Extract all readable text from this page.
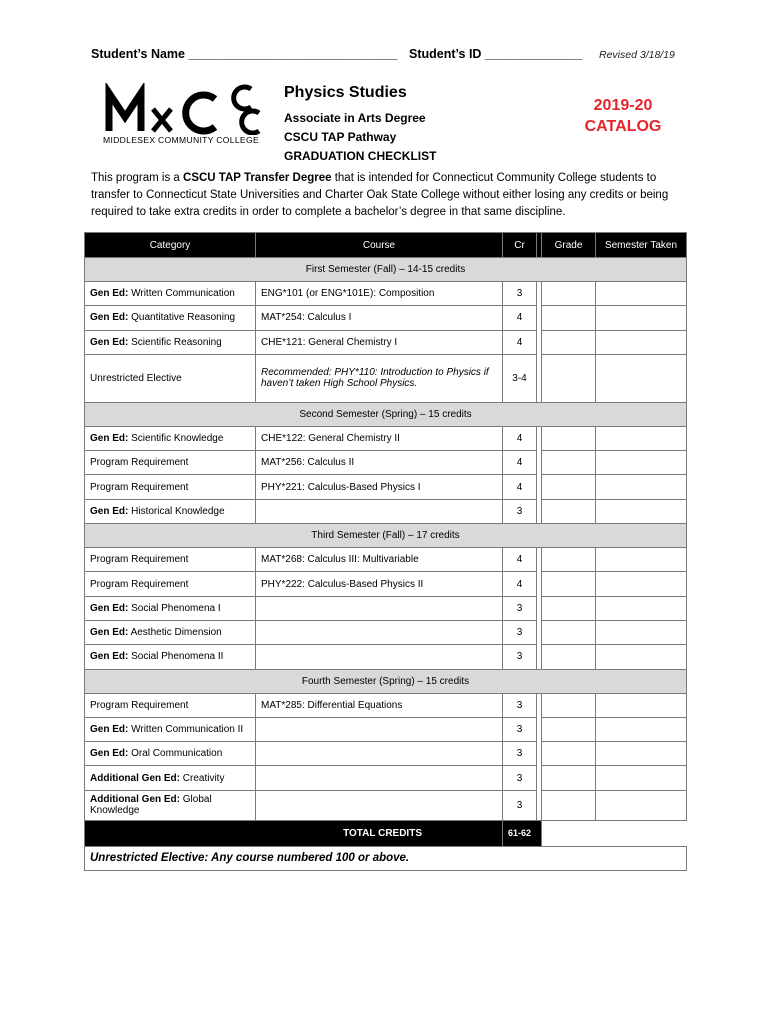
Student’s Name ______________________________ Student’s ID ______________ Revised 3/18/19
MIDDLESEX COMMUNITY COLLEGE
Physics Studies
Associate in Arts Degree
CSCU TAP Pathway
GRADUATION CHECKLIST
2019-20
CATALOG

This program is a CSCU TAP Transfer Degree that is intended for Connecticut Community College students to transfer to Connecticut State Universities and Charter Oak State College without either losing any credits or being required to take extra credits in order to complete a bachelor’s degree in that same discipline.

Category	Course	Cr		Grade	Semester Taken
First Semester (Fall) – 14-15 credits					
Gen Ed: Written Communication	ENG*101 (or ENG*101E): Composition	3			
Gen Ed: Quantitative Reasoning	MAT*254: Calculus I	4			
Gen Ed: Scientific Reasoning	CHE*121: General Chemistry I	4			
Unrestricted Elective	Recommended: PHY*110: Introduction to Physics if haven’t taken High School Physics.	3-4			
Second Semester (Spring) – 15 credits					
Gen Ed: Scientific Knowledge	CHE*122: General Chemistry II	4			
Program Requirement	MAT*256: Calculus II	4			
Program Requirement	PHY*221: Calculus-Based Physics I	4			
Gen Ed: Historical Knowledge		3			
Third Semester (Fall) – 17 credits					
Program Requirement	MAT*268: Calculus III: Multivariable	4			
Program Requirement	PHY*222: Calculus-Based Physics II	4			
Gen Ed: Social Phenomena I		3			
Gen Ed: Aesthetic Dimension		3			
Gen Ed: Social Phenomena II		3			
Fourth Semester (Spring) – 15 credits					
Program Requirement	MAT*285: Differential Equations	3			
Gen Ed: Written Communication II		3			
Gen Ed: Oral Communication		3			
Additional Gen Ed: Creativity		3			
Additional Gen Ed: Global Knowledge		3			
TOTAL CREDITS		61-62			
Unrestricted Elective: Any course numbered 100 or above.					
